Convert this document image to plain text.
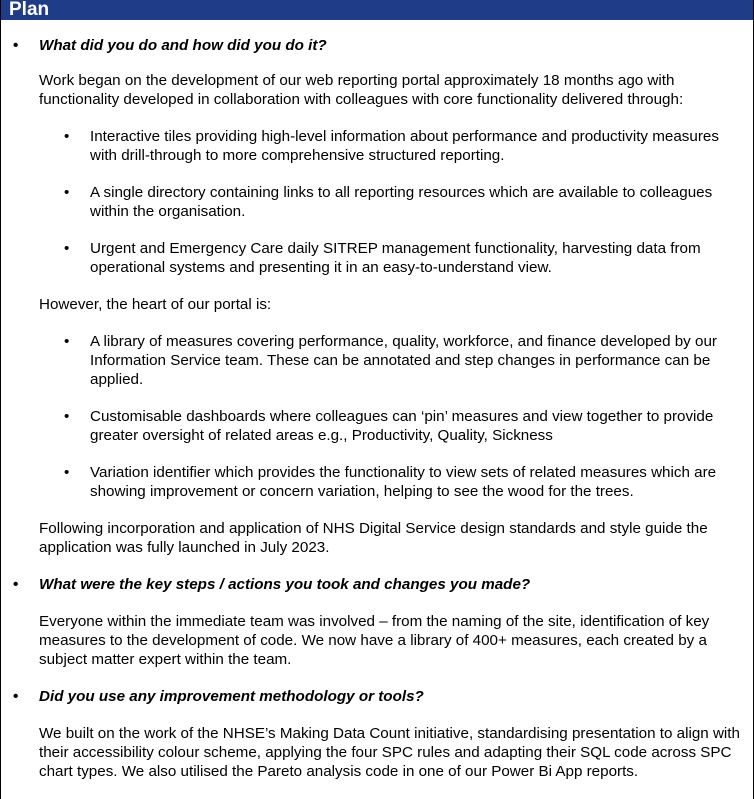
Plan

• What did you do and how did you do it?

Work began on the development of our web reporting portal approximately 18 months ago with functionality developed in collaboration with colleagues with core functionality delivered through:

• Interactive tiles providing high-level information about performance and productivity measures with drill-through to more comprehensive structured reporting.

• A single directory containing links to all reporting resources which are available to colleagues within the organisation.

• Urgent and Emergency Care daily SITREP management functionality, harvesting data from operational systems and presenting it in an easy-to-understand view.

However, the heart of our portal is:

• A library of measures covering performance, quality, workforce, and finance developed by our Information Service team. These can be annotated and step changes in performance can be applied.

• Customisable dashboards where colleagues can ‘pin’ measures and view together to provide greater oversight of related areas e.g., Productivity, Quality, Sickness

• Variation identifier which provides the functionality to view sets of related measures which are showing improvement or concern variation, helping to see the wood for the trees.

Following incorporation and application of NHS Digital Service design standards and style guide the application was fully launched in July 2023.

• What were the key steps / actions you took and changes you made?

Everyone within the immediate team was involved – from the naming of the site, identification of key measures to the development of code. We now have a library of 400+ measures, each created by a subject matter expert within the team.

• Did you use any improvement methodology or tools?

We built on the work of the NHSE’s Making Data Count initiative, standardising presentation to align with their accessibility colour scheme, applying the four SPC rules and adapting their SQL code across SPC chart types. We also utilised the Pareto analysis code in one of our Power Bi App reports.
